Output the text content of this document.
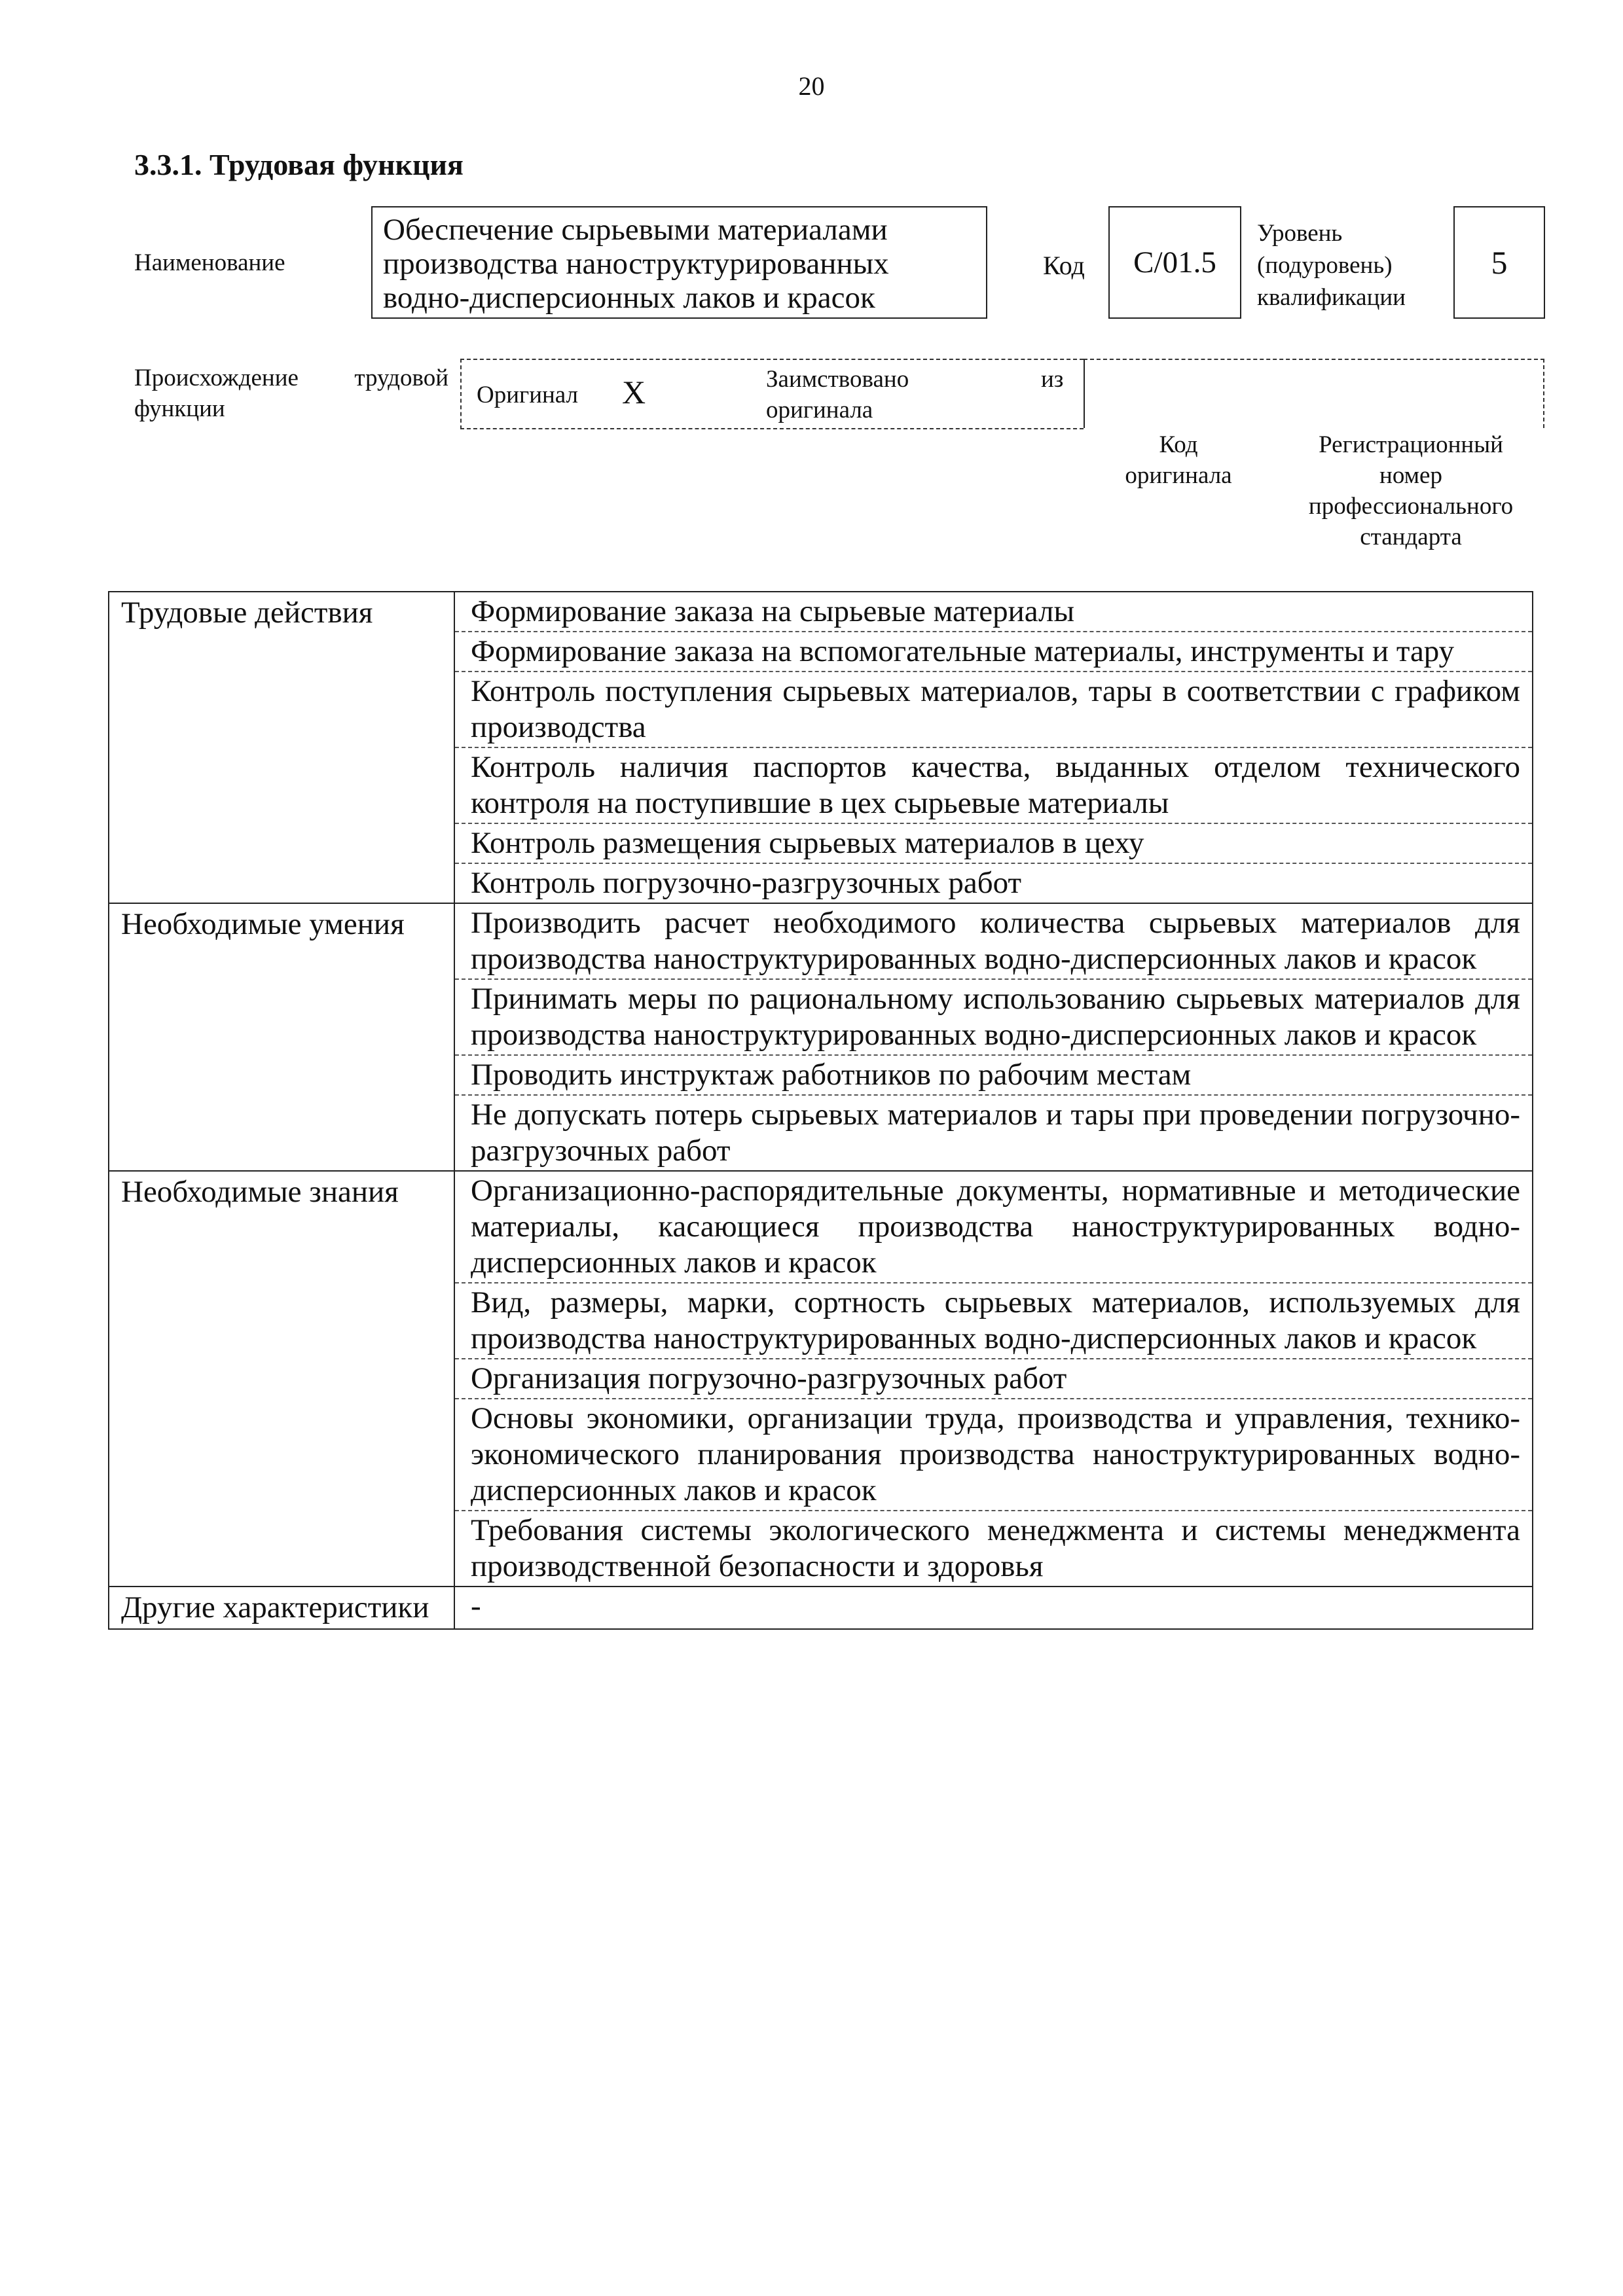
20
3.3.1. Трудовая функция
Наименование
Обеспечение сырьевыми материалами производства наноструктурированных водно-дисперсионных лаков и красок
Код C/01.5
Уровень
(подуровень)
квалификации
5
Происхождение трудовой функции
Оригинал X	Заимствовано оригинала
из
Код оригинала
Регистрационный номер профессионального стандарта
Трудовые действия	Формирование заказа на сырьевые материалы
	Формирование заказа на вспомогательные материалы, инструменты и тару
	Контроль поступления сырьевых материалов, тары в соответствии с графиком производства
	Контроль наличия паспортов качества, выданных отделом технического контроля на поступившие в цех сырьевые материалы
	Контроль размещения сырьевых материалов в цеху
	Контроль погрузочно-разгрузочных работ
Необходимые умения	Производить расчет необходимого количества сырьевых материалов для производства наноструктурированных водно-дисперсионных лаков и красок
	Принимать меры по рациональному использованию сырьевых материалов для производства наноструктурированных водно-дисперсионных лаков и красок
	Проводить инструктаж работников по рабочим местам
	Не допускать потерь сырьевых материалов и тары при проведении погрузочно-разгрузочных работ
Необходимые знания	Организационно-распорядительные документы, нормативные и методические материалы, касающиеся производства наноструктурированных водно-дисперсионных лаков и красок
	Вид, размеры, марки, сортность сырьевых материалов, используемых для производства наноструктурированных водно-дисперсионных лаков и красок
	Организация погрузочно-разгрузочных работ
	Основы экономики, организации труда, производства и управления, технико-экономического планирования производства наноструктурированных водно-дисперсионных лаков и красок
	Требования системы экологического менеджмента и системы менеджмента производственной безопасности и здоровья
Другие характеристики	-
